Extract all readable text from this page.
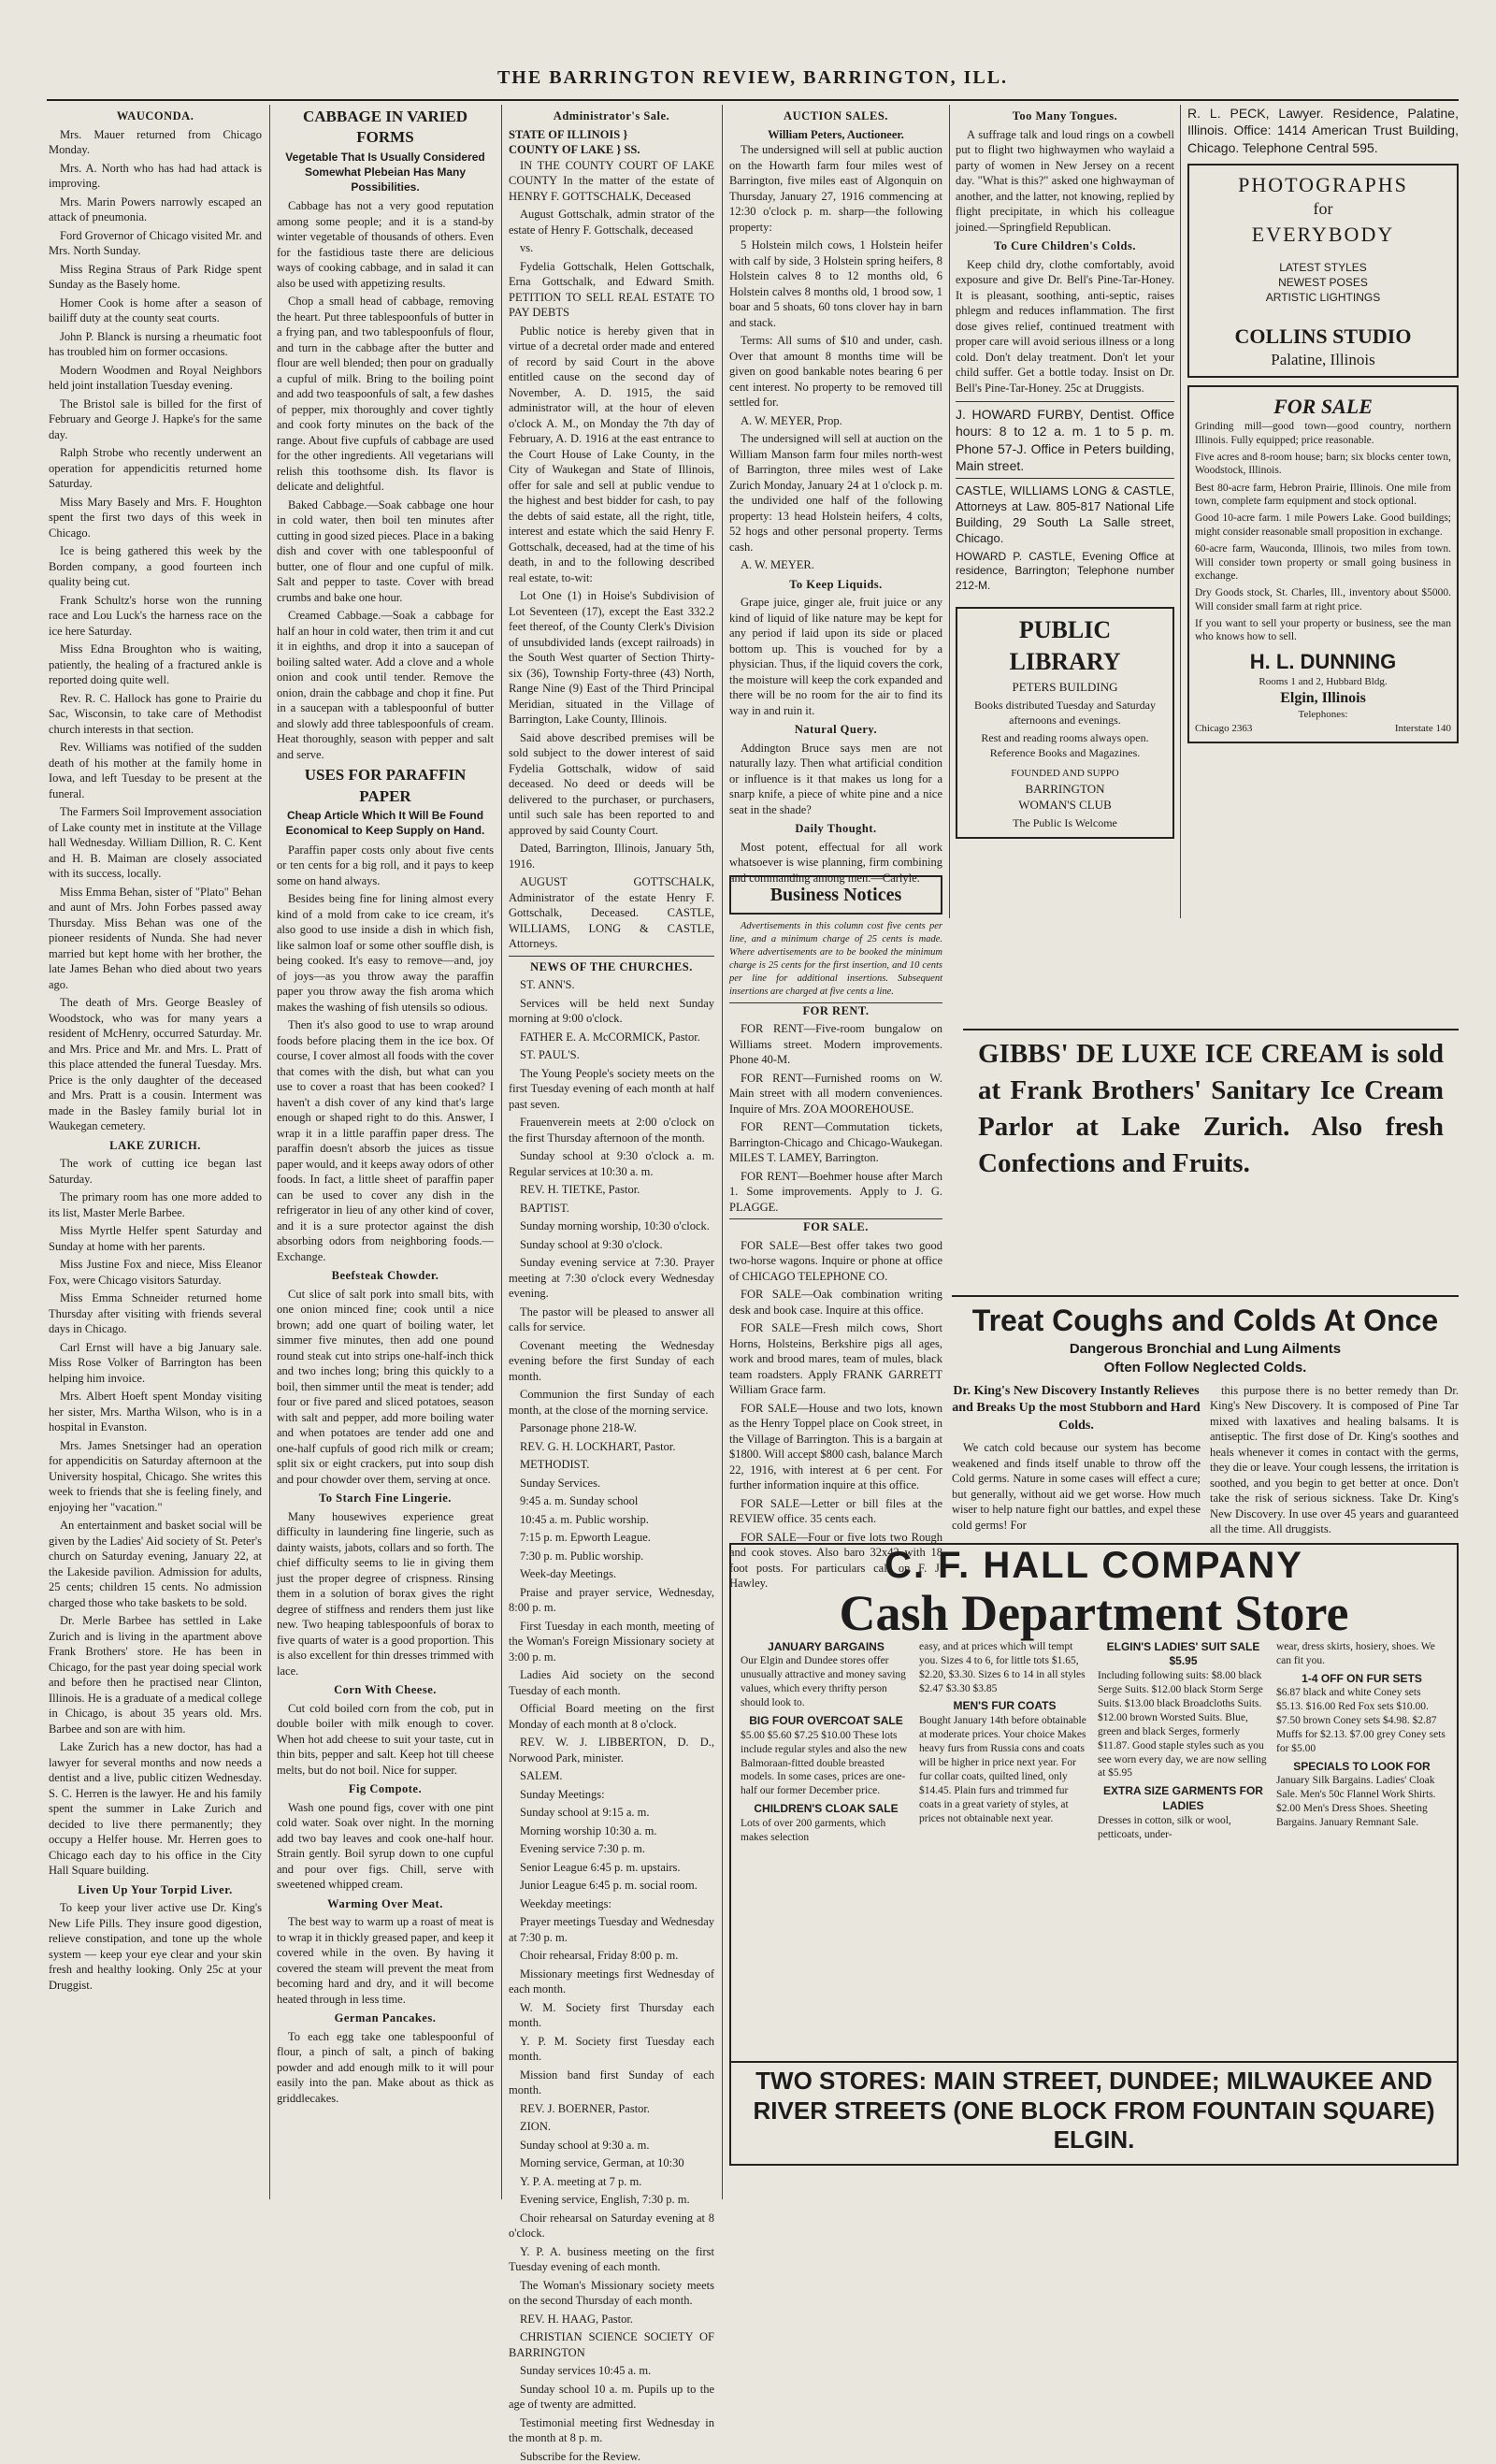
THE BARRINGTON REVIEW, BARRINGTON, ILL.
WAUCONDA.

Mrs. Mauer returned from Chicago Monday.

Mrs. A. North who has had had attack is improving.

Mrs. Marin Powers narrowly escaped an attack of pneumonia.

Ford Grovernor of Chicago visited Mr. and Mrs. North Sunday.

Miss Regina Straus of Park Ridge spent Sunday as the Basely home.

Homer Cook is home after a season of bailiff duty at the county seat courts.

John P. Blanck is nursing a rheumatic foot has troubled him on former occasions.

Modern Woodmen and Royal Neighbors held joint installation Tuesday evening.

The Bristol sale is billed for the first of February and George J. Hapke's for the same day.

Ralph Strobe who recently underwent an operation for appendicitis returned home Saturday.

Miss Mary Basely and Mrs. F. Houghton spent the first two days of this week in Chicago.

Ice is being gathered this week by the Borden company, a good fourteen inch quality being cut.

Frank Schultz's horse won the running race and Lou Luck's the harness race on the ice here Saturday.

Miss Edna Broughton who is waiting, patiently, the healing of a fractured ankle is reported doing quite well.

Rev. R. C. Hallock has gone to Prairie du Sac, Wisconsin, to take care of Methodist church interests in that section.

Rev. Williams was notified of the sudden death of his mother at the family home in Iowa, and left Tuesday to be present at the funeral.

The Farmers Soil Improvement association of Lake county met in institute at the Village hall Wednesday. William Dillion, R. C. Kent and H. B. Maiman are closely associated with its success, locally.

Miss Emma Behan, sister of "Plato" Behan and aunt of Mrs. John Forbes passed away Thursday. Miss Behan was one of the pioneer residents of Nunda. She had never married but kept home with her brother, the late James Behan who died about two years ago.

The death of Mrs. George Beasley of Woodstock, who was for many years a resident of McHenry, occurred Saturday. Mr. and Mrs. Price and Mr. and Mrs. L. Pratt of this place attended the funeral Tuesday. Mrs. Price is the only daughter of the deceased and Mrs. Pratt is a cousin. Interment was made in the Basley family burial lot in Waukegan cemetery.

LAKE ZURICH.

The work of cutting ice began last Saturday.

The primary room has one more added to its list, Master Merle Barbee.

Miss Myrtle Helfer spent Saturday and Sunday at home with her parents.

Miss Justine Fox and niece, Miss Eleanor Fox, were Chicago visitors Saturday.

Miss Emma Schneider returned home Thursday after visiting with friends several days in Chicago.

Carl Ernst will have a big January sale. Miss Rose Volker of Barrington has been helping him invoice.

Mrs. Albert Hoeft spent Monday visiting her sister, Mrs. Martha Wilson, who is in a hospital in Evanston.

Mrs. James Snetsinger had an operation for appendicitis on Saturday afternoon at the University hospital, Chicago. She writes this week to friends that she is feeling finely, and enjoying her "vacation."

An entertainment and basket social will be given by the Ladies' Aid society of St. Peter's church on Saturday evening, January 22, at the Lakeside pavilion. Admission for adults, 25 cents; children 15 cents. No admission charged those who take baskets to be sold.

Dr. Merle Barbee has settled in Lake Zurich and is living in the apartment above Frank Brothers' store. He has been in Chicago, for the past year doing special work and before then he practised near Clinton, Illinois. He is a graduate of a medical college in Chicago, is about 35 years old. Mrs. Barbee and son are with him.

Lake Zurich has a new doctor, has had a lawyer for several months and now needs a dentist and a live, public citizen Wednesday. S. C. Herren is the lawyer. He and his family spent the summer in Lake Zurich and decided to live there permanently; they occupy a Helfer house. Mr. Herren goes to Chicago each day to his office in the City Hall Square building.

Liven Up Your Torpid Liver.

To keep your liver active use Dr. King's New Life Pills. They insure good digestion, relieve constipation, and tone up the whole system — keep your eye clear and your skin fresh and healthy looking. Only 25c at your Druggist.

CABBAGE IN VARIED FORMS
Vegetable That Is Usually Considered Somewhat Plebeian Has Many Possibilities.

Cabbage has not a very good reputation among some people; and it is a stand-by winter vegetable of thousands of others. Even for the fastidious taste there are delicious ways of cooking cabbage, and in salad it can also be used with appetizing results.

Chop a small head of cabbage, removing the heart. Put three tablespoonfuls of butter in a frying pan, and two tablespoonfuls of flour, and turn in the cabbage after the butter and flour are well blended; then pour on gradually a cupful of milk. Bring to the boiling point and add two teaspoonfuls of salt, a few dashes of pepper, mix thoroughly and cover tightly and cook forty minutes on the back of the range. About five cupfuls of cabbage are used for the other ingredients. All vegetarians will relish this toothsome dish. Its flavor is delicate and delightful.

Baked Cabbage.—Soak cabbage one hour in cold water, then boil ten minutes after cutting in good sized pieces. Place in a baking dish and cover with one tablespoonful of butter, one of flour and one cupful of milk. Salt and pepper to taste. Cover with bread crumbs and bake one hour.

Creamed Cabbage.—Soak a cabbage for half an hour in cold water, then trim it and cut it in eighths, and drop it into a saucepan of boiling salted water. Add a clove and a whole onion and cook until tender. Remove the onion, drain the cabbage and chop it fine. Put in a saucepan with a tablespoonful of butter and slowly add three tablespoonfuls of cream. Heat thoroughly, season with pepper and salt and serve.

USES FOR PARAFFIN PAPER
Cheap Article Which It Will Be Found Economical to Keep Supply on Hand.

Paraffin paper costs only about five cents or ten cents for a big roll, and it pays to keep some on hand always.

Besides being fine for lining almost every kind of a mold from cake to ice cream, it's also good to use inside a dish in which fish, like salmon loaf or some other souffle dish, is being cooked. It's easy to remove—and, joy of joys—as you throw away the paraffin paper you throw away the fish aroma which makes the washing of fish utensils so odious.

Then it's also good to use to wrap around foods before placing them in the ice box. Of course, I cover almost all foods with the cover that comes with the dish, but what can you use to cover a roast that has been cooked? I haven't a dish cover of any kind that's large enough or shaped right to do this. Answer, I wrap it in a little paraffin paper dress. The paraffin doesn't absorb the juices as tissue paper would, and it keeps away odors of other foods. In fact, a little sheet of paraffin paper can be used to cover any dish in the refrigerator in lieu of any other kind of cover, and it is a sure protector against the dish absorbing odors from neighboring foods.—Exchange.

Beefsteak Chowder.

Cut slice of salt pork into small bits, with one onion minced fine; cook until a nice brown; add one quart of boiling water, let simmer five minutes, then add one pound round steak cut into strips one-half-inch thick and two inches long; bring this quickly to a boil, then simmer until the meat is tender; add four or five pared and sliced potatoes, season with salt and pepper, add more boiling water and when potatoes are tender add one and one-half cupfuls of good rich milk or cream; split six or eight crackers, put into soup dish and pour chowder over them, serving at once.

To Starch Fine Lingerie.

Many housewives experience great difficulty in laundering fine lingerie, such as dainty waists, jabots, collars and so forth. The chief difficulty seems to lie in giving them just the proper degree of crispness. Rinsing them in a solution of borax gives the right degree of stiffness and renders them just like new. Two heaping tablespoonfuls of borax to five quarts of water is a good proportion. This is also excellent for thin dresses trimmed with lace.

Corn With Cheese.

Cut cold boiled corn from the cob, put in double boiler with milk enough to cover. When hot add cheese to suit your taste, cut in thin bits, pepper and salt. Keep hot till cheese melts, but do not boil. Nice for supper.

Fig Compote.

Wash one pound figs, cover with one pint cold water. Soak over night. In the morning add two bay leaves and cook one-half hour. Strain gently. Boil syrup down to one cupful and pour over figs. Chill, serve with sweetened whipped cream.

Warming Over Meat.

The best way to warm up a roast of meat is to wrap it in thickly greased paper, and keep it covered while in the oven. By having it covered the steam will prevent the meat from becoming hard and dry, and it will become heated through in less time.

German Pancakes.

To each egg take one tablespoonful of flour, a pinch of salt, a pinch of baking powder and add enough milk to it will pour easily into the pan. Make about as thick as griddlecakes.

Administrator's Sale.
STATE OF ILLINOIS }
COUNTY OF LAKE } SS.

IN THE COUNTY COURT OF LAKE COUNTY In the matter of the estate of HENRY F. GOTTSCHALK, Deceased

August Gottschalk, admin strator of the estate of Henry F. Gottschalk, deceased

vs.

Fydelia Gottschalk, Helen Gottschalk, Erna Gottschalk, and Edward Smith. PETITION TO SELL REAL ESTATE TO PAY DEBTS

Public notice is hereby given that in virtue of a decretal order made and entered of record by said Court in the above entitled cause on the second day of November, A. D. 1915, the said administrator will, at the hour of eleven o'clock A. M., on Monday the 7th day of February, A. D. 1916 at the east entrance to the Court House of Lake County, in the City of Waukegan and State of Illinois, offer for sale and sell at public vendue to the highest and best bidder for cash, to pay the debts of said estate, all the right, title, interest and estate which the said Henry F. Gottschalk, deceased, had at the time of his death, in and to the following described real estate, to-wit:

Lot One (1) in Hoise's Subdivision of Lot Seventeen (17), except the East 332.2 feet thereof, of the County Clerk's Division of unsubdivided lands (except railroads) in the South West quarter of Section Thirty-six (36), Township Forty-three (43) North, Range Nine (9) East of the Third Principal Meridian, situated in the Village of Barrington, Lake County, Illinois.

Said above described premises will be sold subject to the dower interest of said Fydelia Gottschalk, widow of said deceased. No deed or deeds will be delivered to the purchaser, or purchasers, until such sale has been reported to and approved by said County Court.

Dated, Barrington, Illinois, January 5th, 1916.

AUGUST GOTTSCHALK, Administrator of the estate Henry F. Gottschalk, Deceased. CASTLE, WILLIAMS, LONG & CASTLE, Attorneys.

NEWS OF THE CHURCHES.

ST. ANN'S.

Services will be held next Sunday morning at 9:00 o'clock.

FATHER E. A. McCORMICK, Pastor.

ST. PAUL'S.

The Young People's society meets on the first Tuesday evening of each month at half past seven.

Frauenverein meets at 2:00 o'clock on the first Thursday afternoon of the month.

Sunday school at 9:30 o'clock a. m. Regular services at 10:30 a. m.

REV. H. TIETKE, Pastor.

BAPTIST.

Sunday morning worship, 10:30 o'clock.

Sunday school at 9:30 o'clock.

Sunday evening service at 7:30. Prayer meeting at 7:30 o'clock every Wednesday evening.

The pastor will be pleased to answer all calls for service.

Covenant meeting the Wednesday evening before the first Sunday of each month.

Communion the first Sunday of each month, at the close of the morning service.

Parsonage phone 218-W.

REV. G. H. LOCKHART, Pastor.

METHODIST.

Sunday Services.

9:45 a. m. Sunday school

10:45 a. m. Public worship.

7:15 p. m. Epworth League.

7:30 p. m. Public worship.

Week-day Meetings.

Praise and prayer service, Wednesday, 8:00 p. m.

First Tuesday in each month, meeting of the Woman's Foreign Missionary society at 3:00 p. m.

Ladies Aid society on the second Tuesday of each month.

Official Board meeting on the first Monday of each month at 8 o'clock.

REV. W. J. LIBBERTON, D. D., Norwood Park, minister.

SALEM.

Sunday Meetings:

Sunday school at 9:15 a. m.

Morning worship 10:30 a. m.

Evening service 7:30 p. m.

Senior League 6:45 p. m. upstairs.

Junior League 6:45 p. m. social room.

Weekday meetings:

Prayer meetings Tuesday and Wednesday at 7:30 p. m.

Choir rehearsal, Friday 8:00 p. m.

Missionary meetings first Wednesday of each month.

W. M. Society first Thursday each month.

Y. P. M. Society first Tuesday each month.

Mission band first Sunday of each month.

REV. J. BOERNER, Pastor.

ZION.

Sunday school at 9:30 a. m.

Morning service, German, at 10:30

Y. P. A. meeting at 7 p. m.

Evening service, English, 7:30 p. m.

Choir rehearsal on Saturday evening at 8 o'clock.

Y. P. A. business meeting on the first Tuesday evening of each month.

The Woman's Missionary society meets on the second Thursday of each month.

REV. H. HAAG, Pastor.

CHRISTIAN SCIENCE SOCIETY OF BARRINGTON

Sunday services 10:45 a. m.

Sunday school 10 a. m. Pupils up to the age of twenty are admitted.

Testimonial meeting first Wednesday in the month at 8 p. m.

Subscribe for the Review.

AUCTION SALES.
William Peters, Auctioneer.

The undersigned will sell at public auction on the Howarth farm four miles west of Barrington, five miles east of Algonquin on Thursday, January 27, 1916 commencing at 12:30 o'clock p. m. sharp—the following property:

5 Holstein milch cows, 1 Holstein heifer with calf by side, 3 Holstein spring heifers, 8 Holstein calves 8 to 12 months old, 6 Holstein calves 8 months old, 1 brood sow, 1 boar and 5 shoats, 60 tons clover hay in barn and stack.

Terms: All sums of $10 and under, cash. Over that amount 8 months time will be given on good bankable notes bearing 6 per cent interest. No property to be removed till settled for.

A. W. MEYER, Prop.

The undersigned will sell at auction on the William Manson farm four miles north-west of Barrington, three miles west of Lake Zurich Monday, January 24 at 1 o'clock p. m. the undivided one half of the following property: 13 head Holstein heifers, 4 colts, 52 hogs and other personal property. Terms cash.

A. W. MEYER.

To Keep Liquids.

Grape juice, ginger ale, fruit juice or any kind of liquid of like nature may be kept for any period if laid upon its side or placed bottom up. This is vouched for by a physician. Thus, if the liquid covers the cork, the moisture will keep the cork expanded and there will be no room for the air to find its way in and ruin it.

Natural Query.

Addington Bruce says men are not naturally lazy. Then what artificial condition or influence is it that makes us long for a snarp knife, a piece of white pine and a nice seat in the shade?

Daily Thought.

Most potent, effectual for all work whatsoever is wise planning, firm combining and commanding among men.—Carlyle.

Business Notices

Advertisements in this column cost five cents per line, and a minimum charge of 25 cents is made. Where advertisements are to be booked the minimum charge is 25 cents for the first insertion, and 10 cents per line for additional insertions. Subsequent insertions are charged at five cents a line.

FOR RENT.

FOR RENT—Five-room bungalow on Williams street. Modern improvements. Phone 40-M.

FOR RENT—Furnished rooms on W. Main street with all modern conveniences. Inquire of Mrs. ZOA MOOREHOUSE.

FOR RENT—Commutation tickets, Barrington-Chicago and Chicago-Waukegan. MILES T. LAMEY, Barrington.

FOR RENT—Boehmer house after March 1. Some improvements. Apply to J. G. PLAGGE.

FOR SALE.

FOR SALE—Best offer takes two good two-horse wagons. Inquire or phone at office of CHICAGO TELEPHONE CO.

FOR SALE—Oak combination writing desk and book case. Inquire at this office.

FOR SALE—Fresh milch cows, Short Horns, Holsteins, Berkshire pigs all ages, work and brood mares, team of mules, black team roadsters. Apply FRANK GARRETT William Grace farm.

FOR SALE—House and two lots, known as the Henry Toppel place on Cook street, in the Village of Barrington. This is a bargain at $1800. Will accept $800 cash, balance March 22, 1916, with interest at 6 per cent. For further information inquire at this office.

FOR SALE—Letter or bill files at the REVIEW office. 35 cents each.

FOR SALE—Four or five lots two Rough and cook stoves. Also baro 32x42 with 18 foot posts. For particulars call on F. J. Hawley.

Too Many Tongues.

A suffrage talk and loud rings on a cowbell put to flight two highwaymen who waylaid a party of women in New Jersey on a recent day. "What is this?" asked one highwayman of another, and the latter, not knowing, replied by flight precipitate, in which his colleague joined.—Springfield Republican.

To Cure Children's Colds.

Keep child dry, clothe comfortably, avoid exposure and give Dr. Bell's Pine-Tar-Honey. It is pleasant, soothing, anti-septic, raises phlegm and reduces inflammation. The first dose gives relief, continued treatment with proper care will avoid serious illness or a long cold. Don't delay treatment. Don't let your child suffer. Get a bottle today. Insist on Dr. Bell's Pine-Tar-Honey. 25c at Druggists.

J. HOWARD FURBY, Dentist. Office hours: 8 to 12 a. m. 1 to 5 p. m. Phone 57-J. Office in Peters building, Main street.

CASTLE, WILLIAMS LONG & CASTLE, Attorneys at Law. 805-817 National Life Building, 29 South La Salle street, Chicago.

HOWARD P. CASTLE, Evening Office at residence, Barrington; Telephone number 212-M.

PUBLIC LIBRARY
PETERS BUILDING
Books distributed Tuesday and Saturday afternoons and evenings.
Rest and reading rooms always open. Reference Books and Magazines.
FOUNDED AND SUPPO
BARRINGTON
WOMAN'S CLUB
The Public Is Welcome

R. L. PECK, Lawyer. Residence, Palatine, Illinois. Office: 1414 American Trust Building, Chicago. Telephone Central 595.

PHOTOGRAPHS
for
EVERYBODY
LATEST STYLES
NEWEST POSES
ARTISTIC LIGHTINGS
COLLINS STUDIO
Palatine, Illinois
FOR SALE

Grinding mill—good town—good country, northern Illinois. Fully equipped; price reasonable.

Five acres and 8-room house; barn; six blocks center town, Woodstock, Illinois.

Best 80-acre farm, Hebron Prairie, Illinois. One mile from town, complete farm equipment and stock optional.

Good 10-acre farm. 1 mile Powers Lake. Good buildings; might consider reasonable small proposition in exchange.

60-acre farm, Wauconda, Illinois, two miles from town. Will consider town property or small going business in exchange.

Dry Goods stock, St. Charles, Ill., inventory about $5000. Will consider small farm at right price.

If you want to sell your property or business, see the man who knows how to sell.

H. L. DUNNING
Rooms 1 and 2, Hubbard Bldg.
Elgin, Illinois
Telephones:
Chicago 2363	Interstate 140
GIBBS' DE LUXE ICE CREAM is sold at Frank Brothers' Sanitary Ice Cream Parlor at Lake Zurich. Also fresh Confections and Fruits.
Treat Coughs and Colds At Once
Dangerous Bronchial and Lung Ailments
Often Follow Neglected Colds.
Dr. King's New Discovery Instantly Relieves and Breaks Up the most Stubborn and Hard Colds.

We catch cold because our system has become weakened and finds itself unable to throw off the Cold germs. Nature in some cases will effect a cure; but generally, without aid we get worse. How much wiser to help nature fight our battles, and expel these cold germs! For

this purpose there is no better remedy than Dr. King's New Discovery. It is composed of Pine Tar mixed with laxatives and healing balsams. It is antiseptic. The first dose of Dr. King's soothes and heals whenever it comes in contact with the germs, they die or leave. Your cough lessens, the irritation is soothed, and you begin to get better at once. Don't take the risk of serious sickness. Take Dr. King's New Discovery. In use over 45 years and guaranteed all the time. All druggists.

C. F. HALL COMPANY
Cash Department Store
JANUARY BARGAINS
Our Elgin and Dundee stores offer unusually attractive and money saving values, which every thrifty person should look to.
BIG FOUR OVERCOAT SALE
$5.00 $5.60 $7.25 $10.00 These lots include regular styles and also the new Balmoraan-fitted double breasted models. In some cases, prices are one-half our former December price.
CHILDREN'S CLOAK SALE
Lots of over 200 garments, which makes selection
easy, and at prices which will tempt you. Sizes 4 to 6, for little tots $1.65, $2.20, $3.30. Sizes 6 to 14 in all styles $2.47 $3.30 $3.85
MEN'S FUR COATS
Bought January 14th before obtainable at moderate prices. Your choice Makes heavy furs from Russia cons and coats will be higher in price next year. For fur collar coats, quilted lined, only $14.45. Plain furs and trimmed fur coats in a great variety of styles, at prices not obtainable next year.
ELGIN'S LADIES' SUIT SALE $5.95
Including following suits: $8.00 black Serge Suits. $12.00 black Storm Serge Suits. $13.00 black Broadcloths Suits. $12.00 brown Worsted Suits. Blue, green and black Serges, formerly $11.87. Good staple styles such as you see worn every day, we are now selling at $5.95
EXTRA SIZE GARMENTS FOR LADIES
Dresses in cotton, silk or wool, petticoats, under-
wear, dress skirts, hosiery, shoes. We can fit you.
1-4 OFF ON FUR SETS
$6.87 black and white Coney sets $5.13. $16.00 Red Fox sets $10.00. $7.50 brown Coney sets $4.98. $2.87 Muffs for $2.13. $7.00 grey Coney sets for $5.00
SPECIALS TO LOOK FOR
January Silk Bargains. Ladies' Cloak Sale. Men's 50c Flannel Work Shirts. $2.00 Men's Dress Shoes. Sheeting Bargains. January Remnant Sale.
TWO STORES: MAIN STREET, DUNDEE; MILWAUKEE AND RIVER STREETS (ONE BLOCK FROM FOUNTAIN SQUARE) ELGIN.
